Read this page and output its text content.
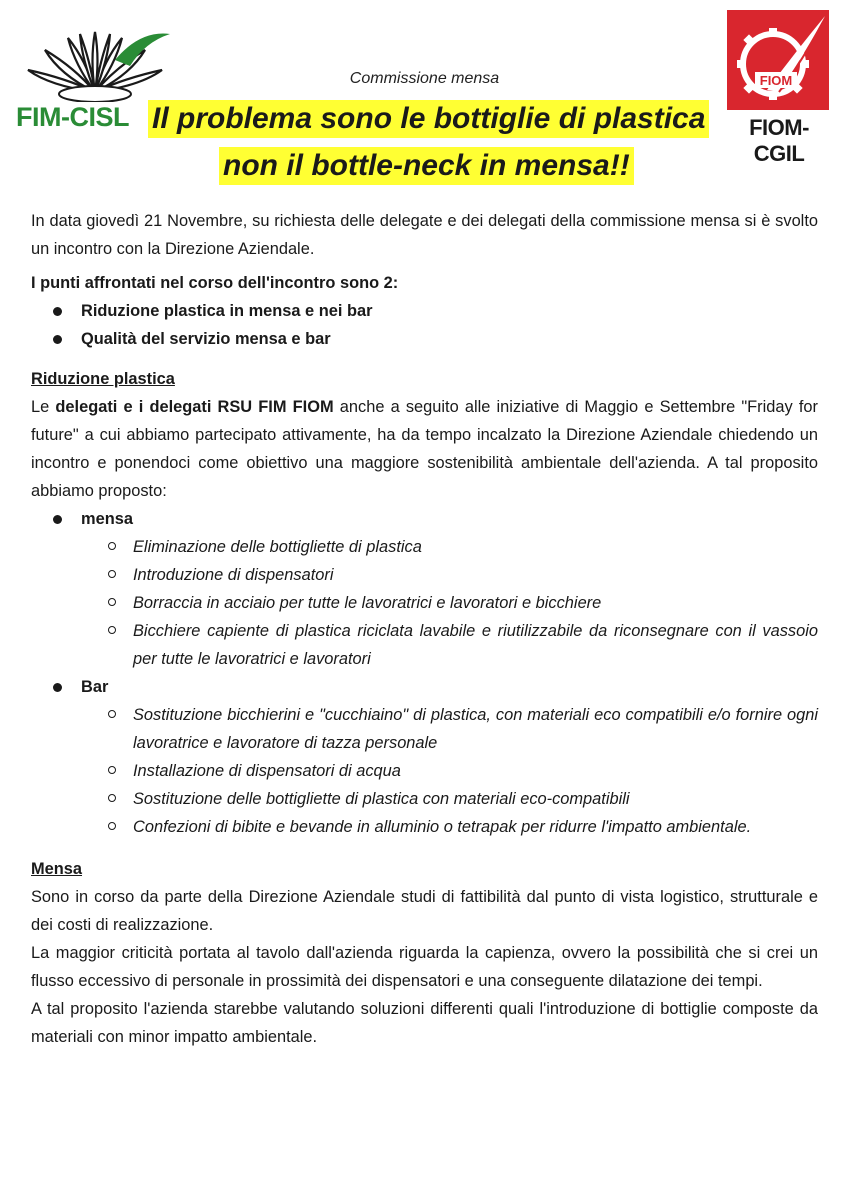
FIM-CISL
FIOM
FIOM-CGIL
Commissione mensa
Il problema sono le bottiglie di plastica
non il bottle-neck in mensa!!

In data giovedì 21 Novembre, su richiesta delle delegate e dei delegati della commissione mensa si è svolto un incontro con la Direzione Aziendale.

I punti affrontati nel corso dell'incontro sono 2:

Riduzione plastica in mensa e nei bar
Qualità del servizio mensa e bar

Riduzione plastica

Le delegati e i delegati RSU FIM FIOM anche a seguito alle iniziative di Maggio e Settembre "Friday for future" a cui abbiamo partecipato attivamente, ha da tempo incalzato la Direzione Aziendale chiedendo un incontro e ponendoci come obiettivo una maggiore sostenibilità ambientale dell'azienda. A tal proposito abbiamo proposto:

mensa
Eliminazione delle bottigliette di plastica
Introduzione di dispensatori
Borraccia in acciaio per tutte le lavoratrici e lavoratori e bicchiere
Bicchiere capiente di plastica riciclata lavabile e riutilizzabile da riconsegnare con il vassoio per tutte le lavoratrici e lavoratori
Bar
Sostituzione bicchierini e "cucchiaino" di plastica, con materiali eco compatibili e/o fornire ogni lavoratrice e lavoratore di tazza personale
Installazione di dispensatori di acqua
Sostituzione delle bottigliette di plastica con materiali eco-compatibili
Confezioni di bibite e bevande in alluminio o tetrapak per ridurre l'impatto ambientale.

Mensa

Sono in corso da parte della Direzione Aziendale studi di fattibilità dal punto di vista logistico, strutturale e dei costi di realizzazione.

La maggior criticità portata al tavolo dall'azienda riguarda la capienza, ovvero la possibilità che si crei un flusso eccessivo di personale in prossimità dei dispensatori e una conseguente dilatazione dei tempi.

A tal proposito l'azienda starebbe valutando soluzioni differenti quali l'introduzione di bottiglie composte da materiali con minor impatto ambientale.
